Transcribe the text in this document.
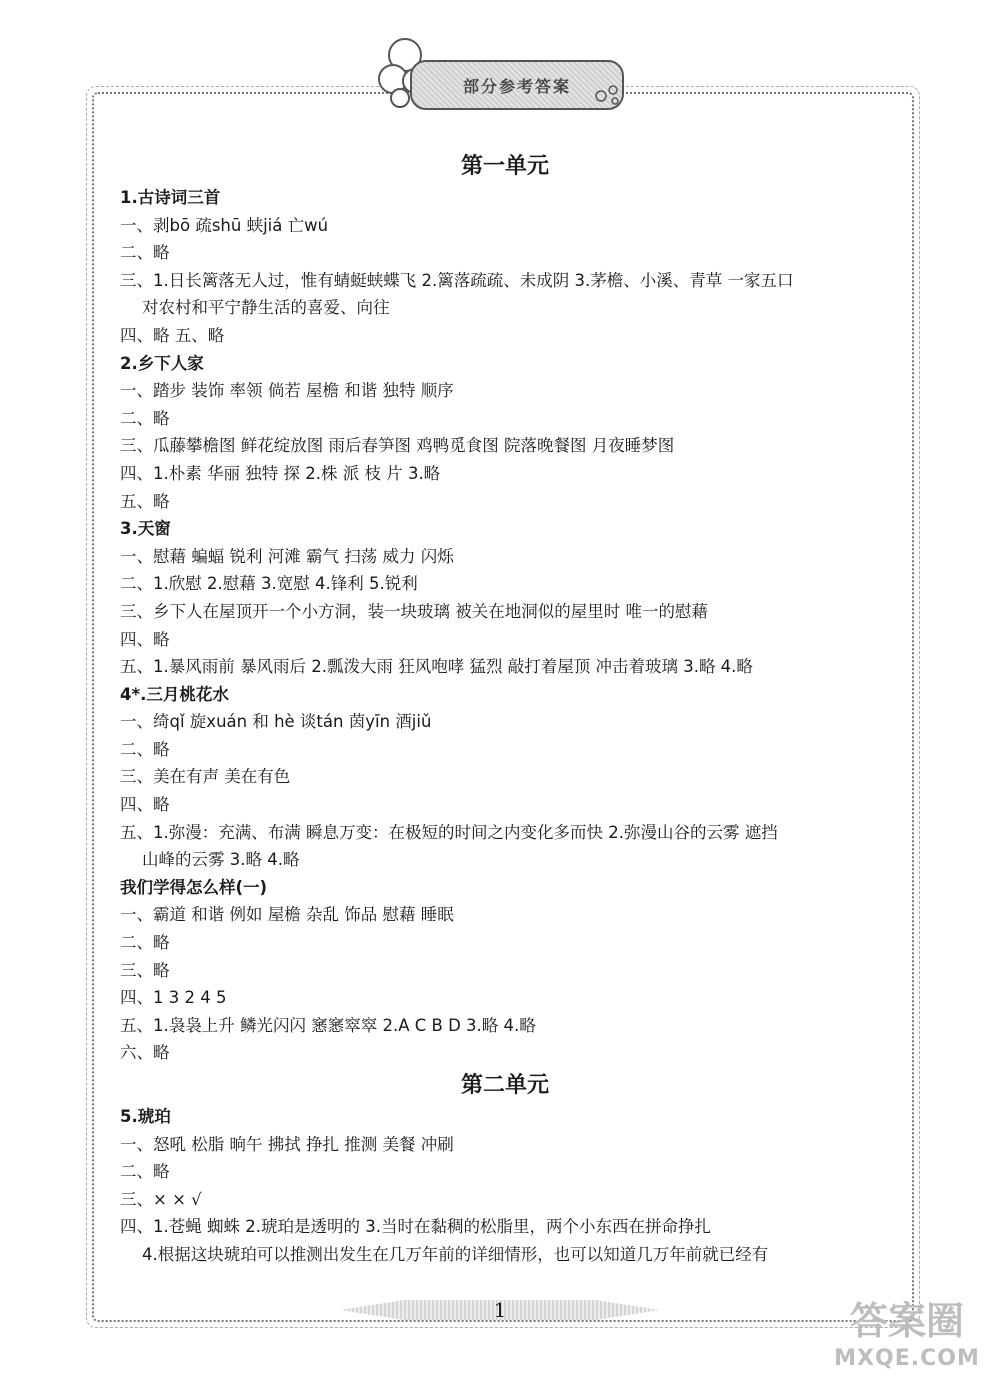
部分参考答案
第一单元
1.古诗词三首
一、剥bō 疏shū 蛱jiá 亡wú
二、略
三、1.日长篱落无人过，惟有蜻蜓蛱蝶飞 2.篱落疏疏、未成阴 3.茅檐、小溪、青草 一家五口
对农村和平宁静生活的喜爱、向往
四、略 五、略
2.乡下人家
一、踏步 装饰 率领 倘若 屋檐 和谐 独特 顺序
二、略
三、瓜藤攀檐图 鲜花绽放图 雨后春笋图 鸡鸭觅食图 院落晚餐图 月夜睡梦图
四、1.朴素 华丽 独特 探 2.株 派 枝 片 3.略
五、略
3.天窗
一、慰藉 蝙蝠 锐利 河滩 霸气 扫荡 威力 闪烁
二、1.欣慰 2.慰藉 3.宽慰 4.锋利 5.锐利
三、乡下人在屋顶开一个小方洞，装一块玻璃 被关在地洞似的屋里时 唯一的慰藉
四、略
五、1.暴风雨前 暴风雨后 2.瓢泼大雨 狂风咆哮 猛烈 敲打着屋顶 冲击着玻璃 3.略 4.略
4*.三月桃花水
一、绮qǐ 旋xuán 和 hè 谈tán 茵yīn 酒jiǔ
二、略
三、美在有声 美在有色
四、略
五、1.弥漫：充满、布满 瞬息万变：在极短的时间之内变化多而快 2.弥漫山谷的云雾 遮挡
山峰的云雾 3.略 4.略
我们学得怎么样(一)
一、霸道 和谐 例如 屋檐 杂乱 饰品 慰藉 睡眠
二、略
三、略
四、1 3 2 4 5
五、1.袅袅上升 鳞光闪闪 窸窸窣窣 2.A C B D 3.略 4.略
六、略
第二单元
5.琥珀
一、怒吼 松脂 晌午 拂拭 挣扎 推测 美餐 冲刷
二、略
三、× × √
四、1.苍蝇 蜘蛛 2.琥珀是透明的 3.当时在黏稠的松脂里，两个小东西在拼命挣扎
4.根据这块琥珀可以推测出发生在几万年前的详细情形，也可以知道几万年前就已经有
1	答案圈
MXQE.COM
